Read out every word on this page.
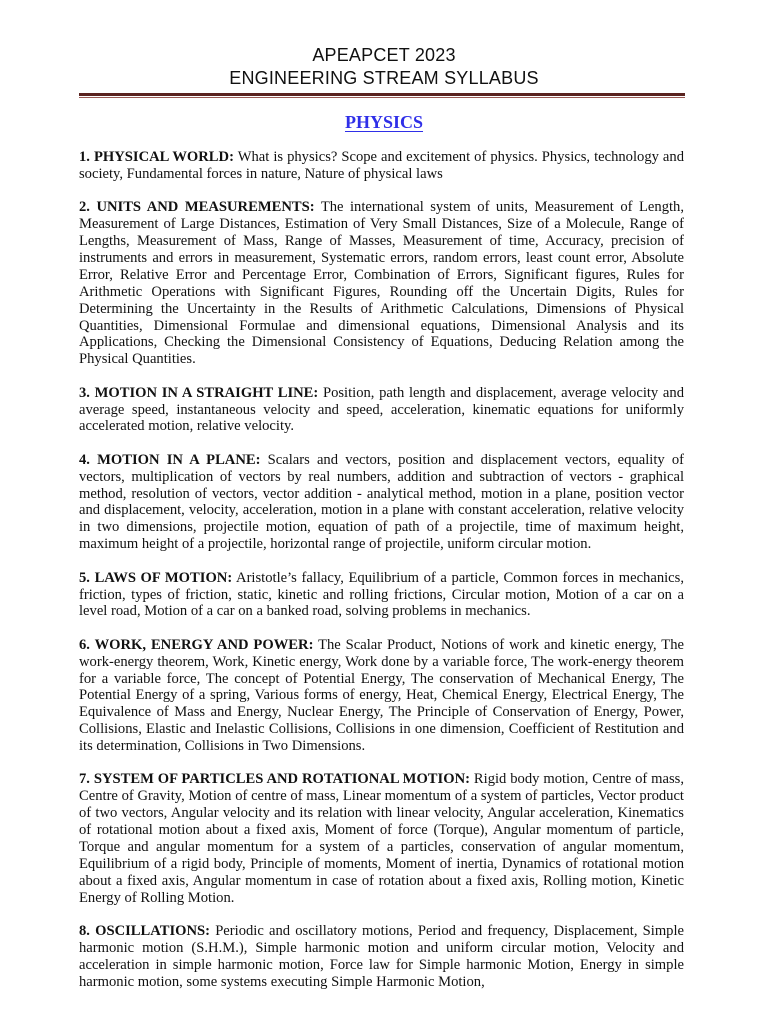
APEAPCET 2023
ENGINEERING STREAM SYLLABUS
PHYSICS

1. PHYSICAL WORLD: What is physics? Scope and excitement of physics. Physics, technology and society, Fundamental forces in nature, Nature of physical laws

2. UNITS AND MEASUREMENTS: The international system of units, Measurement of Length, Measurement of Large Distances, Estimation of Very Small Distances, Size of a Molecule, Range of Lengths, Measurement of Mass, Range of Masses, Measurement of time, Accuracy, precision of instruments and errors in measurement, Systematic errors, random errors, least count error, Absolute Error, Relative Error and Percentage Error, Combination of Errors, Significant figures, Rules for Arithmetic Operations with Significant Figures, Rounding off the Uncertain Digits, Rules for Determining the Uncertainty in the Results of Arithmetic Calculations, Dimensions of Physical Quantities, Dimensional Formulae and dimensional equations, Dimensional Analysis and its Applications, Checking the Dimensional Consistency of Equations, Deducing Relation among the Physical Quantities.

3. MOTION IN A STRAIGHT LINE: Position, path length and displacement, average velocity and average speed, instantaneous velocity and speed, acceleration, kinematic equations for uniformly accelerated motion, relative velocity.

4. MOTION IN A PLANE: Scalars and vectors, position and displacement vectors, equality of vectors, multiplication of vectors by real numbers, addition and subtraction of vectors - graphical method, resolution of vectors, vector addition - analytical method, motion in a plane, position vector and displacement, velocity, acceleration, motion in a plane with constant acceleration, relative velocity in two dimensions, projectile motion, equation of path of a projectile, time of maximum height, maximum height of a projectile, horizontal range of projectile, uniform circular motion.

5. LAWS OF MOTION: Aristotle’s fallacy, Equilibrium of a particle, Common forces in mechanics, friction, types of friction, static, kinetic and rolling frictions, Circular motion, Motion of a car on a level road, Motion of a car on a banked road, solving problems in mechanics.

6. WORK, ENERGY AND POWER: The Scalar Product, Notions of work and kinetic energy, The work-energy theorem, Work, Kinetic energy, Work done by a variable force, The work-energy theorem for a variable force, The concept of Potential Energy, The conservation of Mechanical Energy, The Potential Energy of a spring, Various forms of energy, Heat, Chemical Energy, Electrical Energy, The Equivalence of Mass and Energy, Nuclear Energy, The Principle of Conservation of Energy, Power, Collisions, Elastic and Inelastic Collisions, Collisions in one dimension, Coefficient of Restitution and its determination, Collisions in Two Dimensions.

7. SYSTEM OF PARTICLES AND ROTATIONAL MOTION: Rigid body motion, Centre of mass, Centre of Gravity, Motion of centre of mass, Linear momentum of a system of particles, Vector product of two vectors, Angular velocity and its relation with linear velocity, Angular acceleration, Kinematics of rotational motion about a fixed axis, Moment of force (Torque), Angular momentum of particle, Torque and angular momentum for a system of a particles, conservation of angular momentum, Equilibrium of a rigid body, Principle of moments, Moment of inertia, Dynamics of rotational motion about a fixed axis, Angular momentum in case of rotation about a fixed axis, Rolling motion, Kinetic Energy of Rolling Motion.

8. OSCILLATIONS: Periodic and oscillatory motions, Period and frequency, Displacement, Simple harmonic motion (S.H.M.), Simple harmonic motion and uniform circular motion, Velocity and acceleration in simple harmonic motion, Force law for Simple harmonic Motion, Energy in simple harmonic motion, some systems executing Simple Harmonic Motion,
